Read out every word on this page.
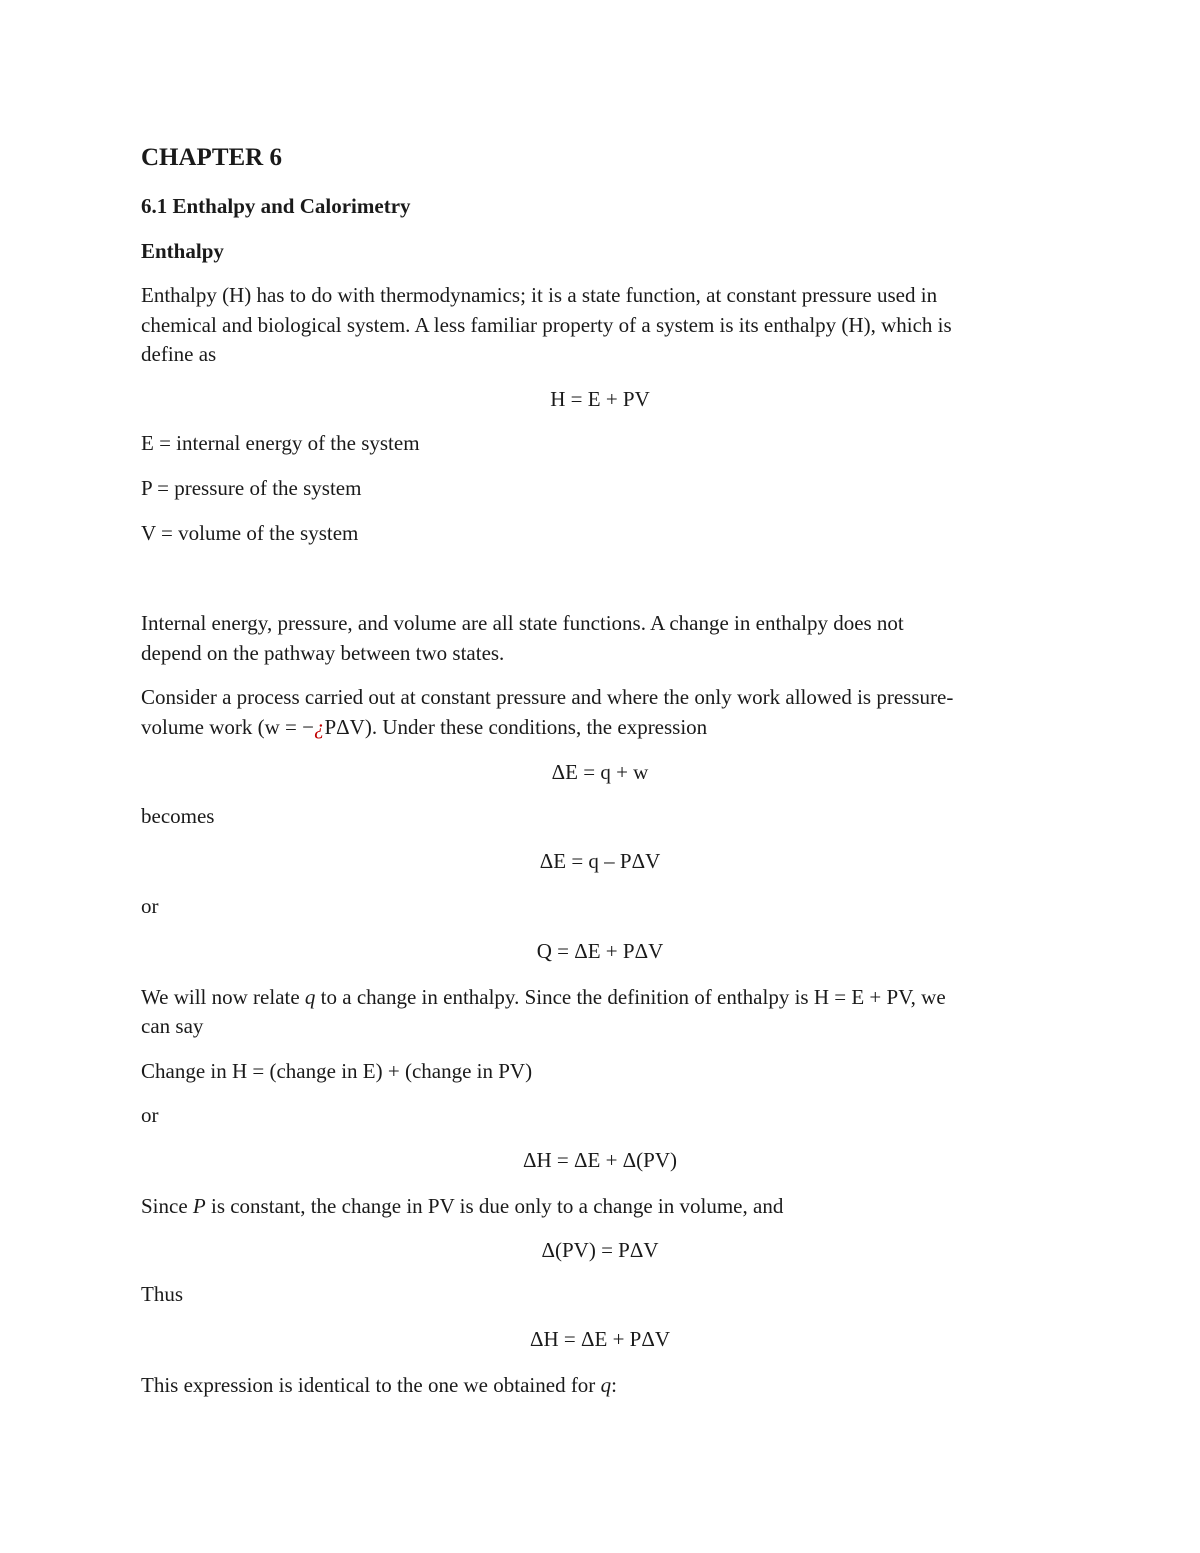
CHAPTER 6
6.1 Enthalpy and Calorimetry
Enthalpy
Enthalpy (H) has to do with thermodynamics; it is a state function, at constant pressure used in
chemical and biological system. A less familiar property of a system is its enthalpy (H), which is
define as
H = E + PV
E = internal energy of the system
P = pressure of the system
V = volume of the system
Internal energy, pressure, and volume are all state functions. A change in enthalpy does not
depend on the pathway between two states.
Consider a process carried out at constant pressure and where the only work allowed is pressure-
volume work (w = −¿PΔV). Under these conditions, the expression
ΔE = q + w
becomes
ΔE = q – PΔV
or
Q = ΔE + PΔV
We will now relate q to a change in enthalpy. Since the definition of enthalpy is H = E + PV, we
can say
Change in H = (change in E) + (change in PV)
or
ΔH = ΔE + Δ(PV)
Since P is constant, the change in PV is due only to a change in volume, and
Δ(PV) = PΔV
Thus
ΔH = ΔE + PΔV
This expression is identical to the one we obtained for q:
